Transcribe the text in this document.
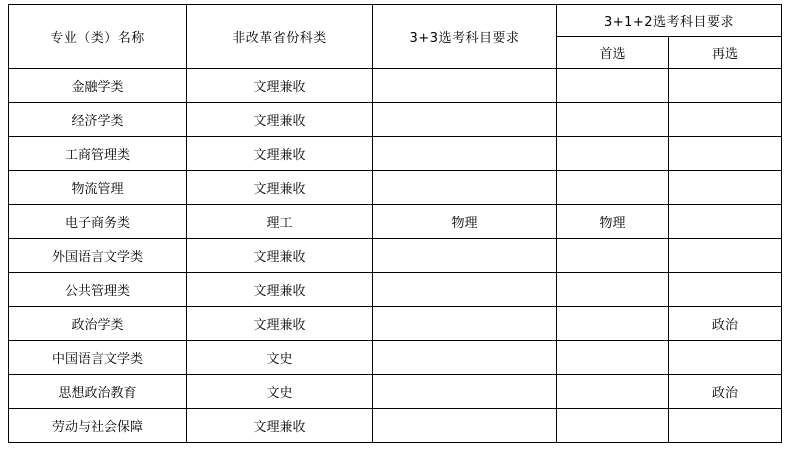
专业（类）名称	非改革省份科类	3+3选考科目要求	3+1+2选考科目要求	
			首选	再选
金融学类	文理兼收			
经济学类	文理兼收			
工商管理类	文理兼收			
物流管理	文理兼收			
电子商务类	理工	物理	物理	
外国语言文学类	文理兼收			
公共管理类	文理兼收			
政治学类	文理兼收			政治
中国语言文学类	文史			
思想政治教育	文史			政治
劳动与社会保障	文理兼收			
